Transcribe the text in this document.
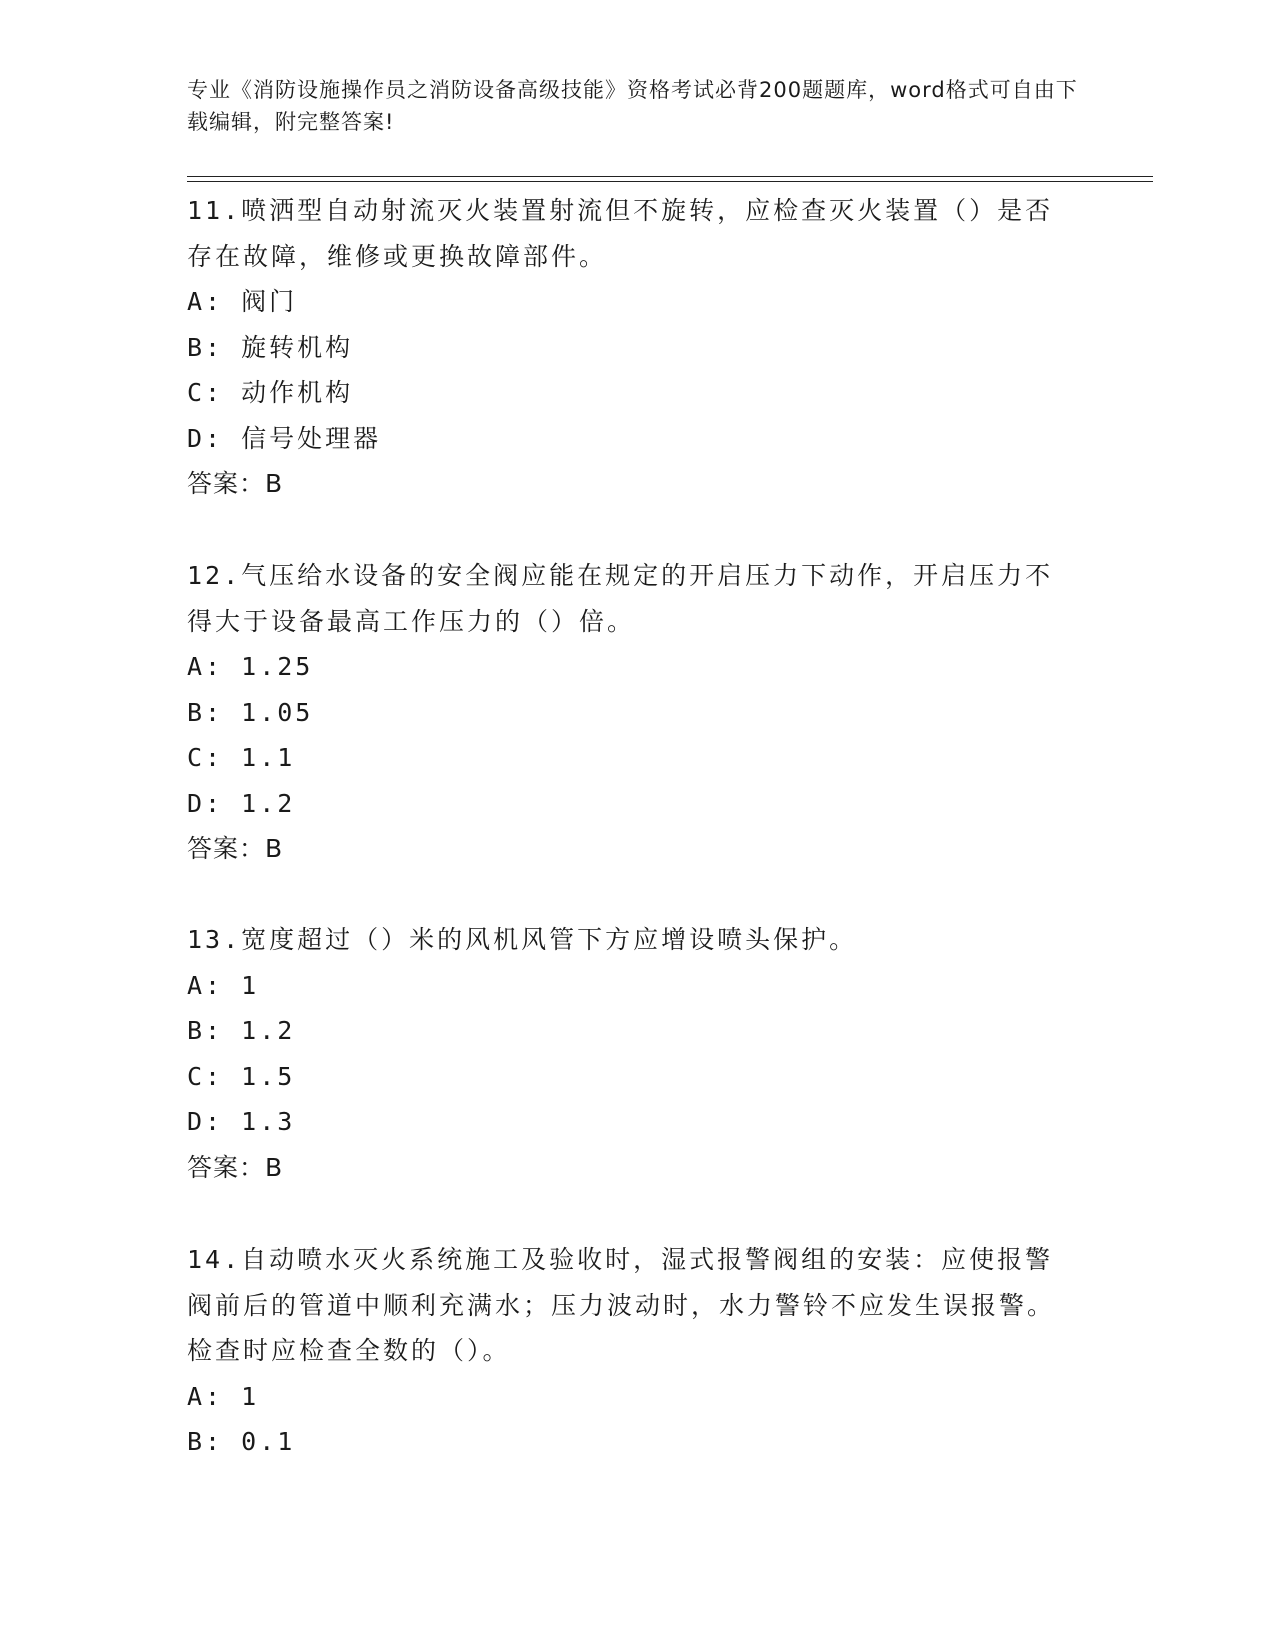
专业《消防设施操作员之消防设备高级技能》资格考试必背200题题库，word格式可自由下载编辑，附完整答案!

11.喷洒型自动射流灭火装置射流但不旋转，应检查灭火装置（）是否存在故障，维修或更换故障部件。

A: 阀门

B: 旋转机构

C: 动作机构

D: 信号处理器

答案：B

12.气压给水设备的安全阀应能在规定的开启压力下动作，开启压力不得大于设备最高工作压力的（）倍。

A: 1.25

B: 1.05

C: 1.1

D: 1.2

答案：B

13.宽度超过（）米的风机风管下方应增设喷头保护。

A: 1

B: 1.2

C: 1.5

D: 1.3

答案：B

14.自动喷水灭火系统施工及验收时，湿式报警阀组的安装：应使报警阀前后的管道中顺利充满水；压力波动时，水力警铃不应发生误报警。检查时应检查全数的（）。

A: 1

B: 0.1
